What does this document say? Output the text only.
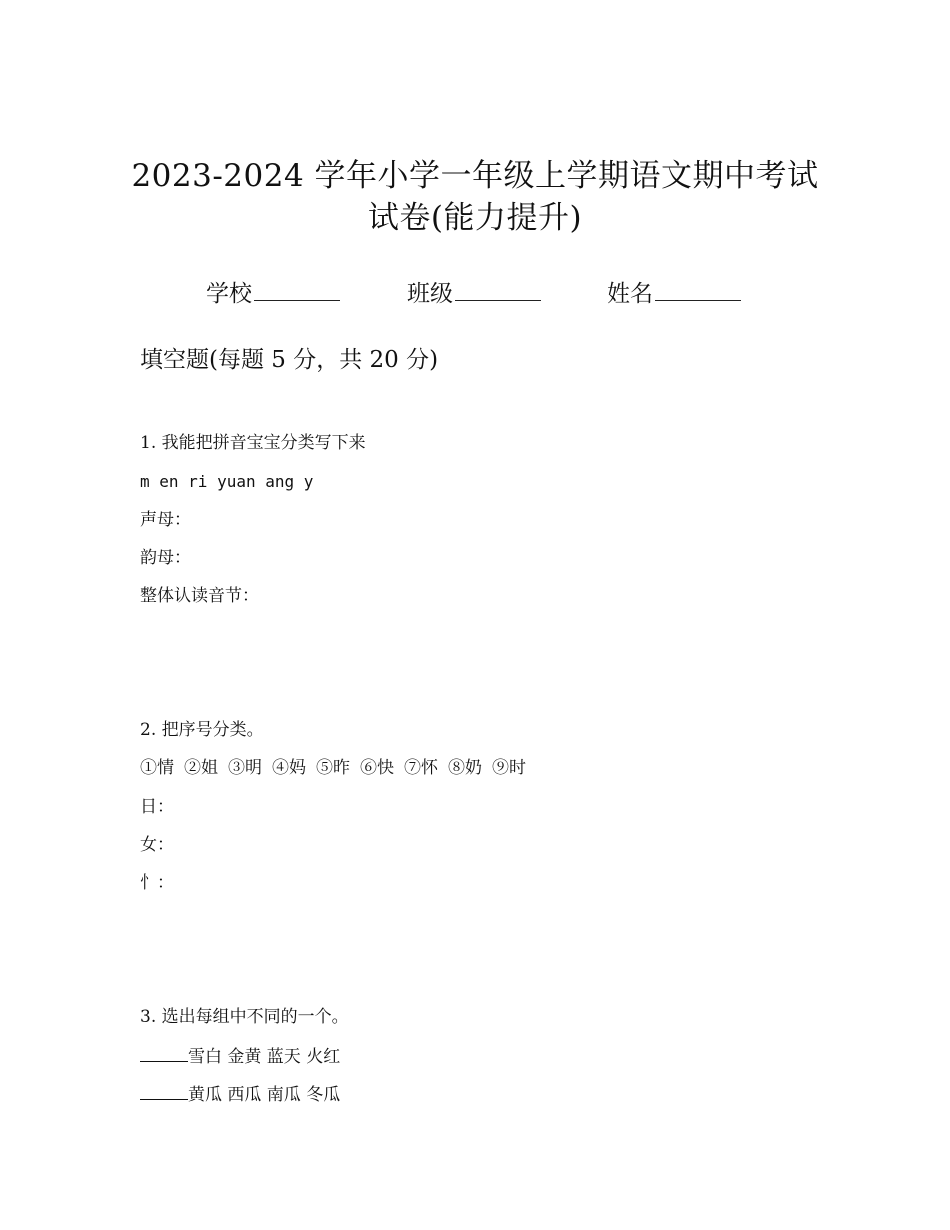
2023-2024 学年小学一年级上学期语文期中考试
试卷(能力提升)
学校	班级	姓名
填空题(每题 5 分，共 20 分)
1. 我能把拼音宝宝分类写下来
m en ri yuan ang y
声母：
韵母：
整体认读音节：
2. 把序号分类。
①情 ②姐 ③明 ④妈 ⑤昨 ⑥快 ⑦怀 ⑧奶 ⑨时
日：
女：
忄：
3. 选出每组中不同的一个。
雪白 金黄 蓝天 火红
黄瓜 西瓜 南瓜 冬瓜
